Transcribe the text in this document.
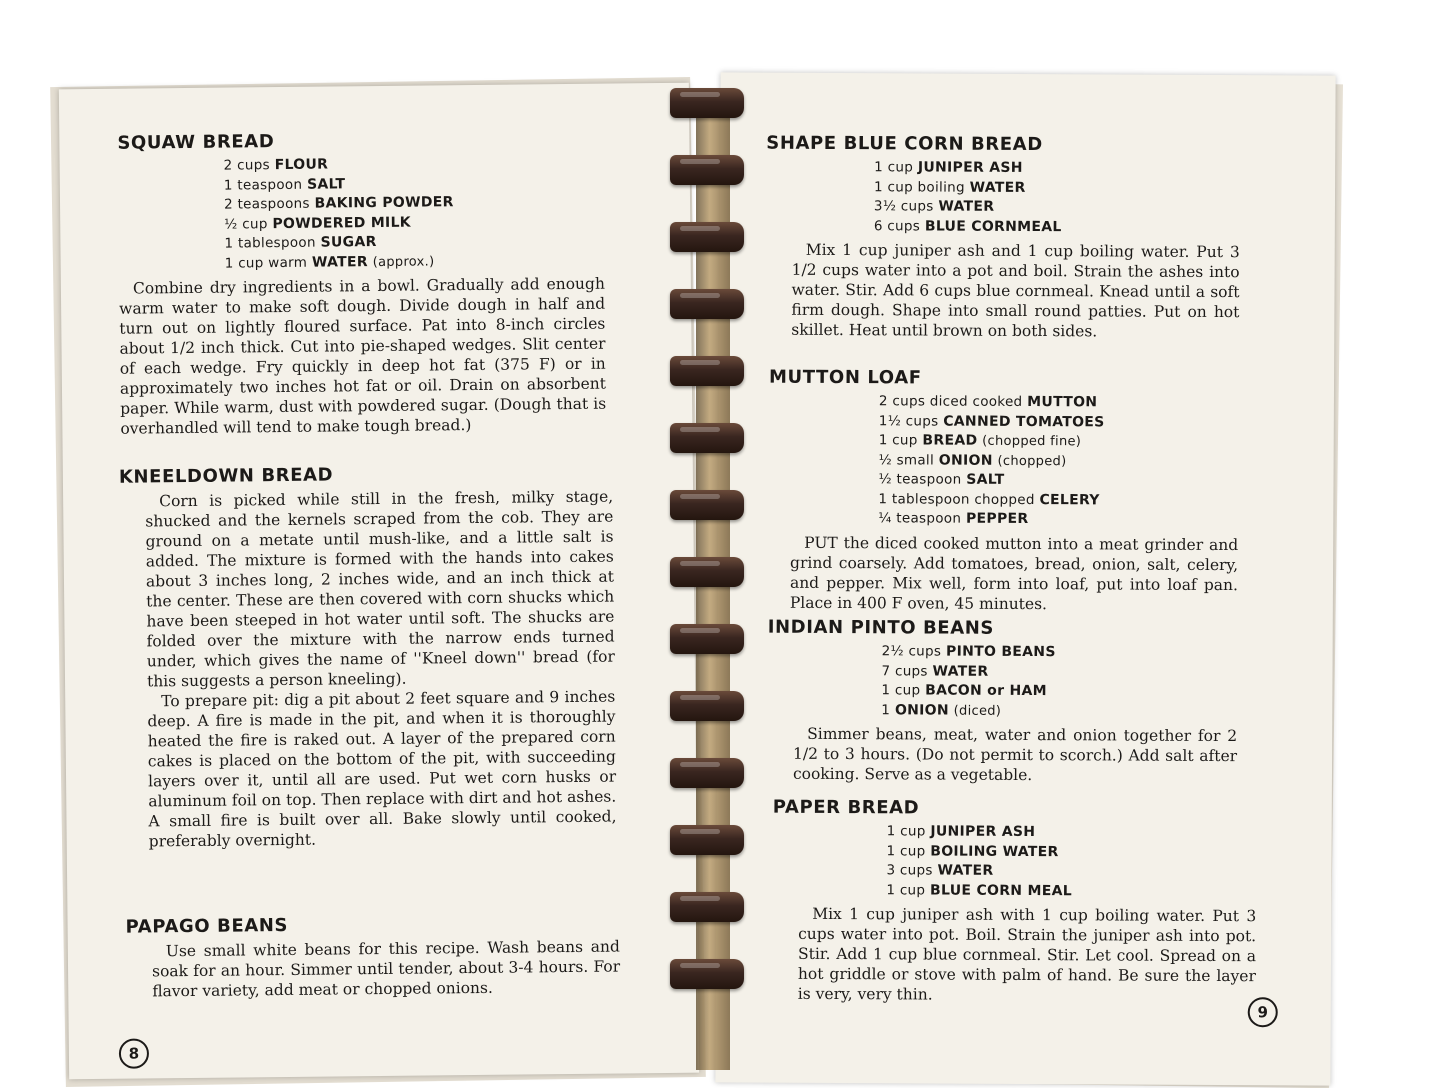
SQUAW BREAD
2 cups FLOUR
1 teaspoon SALT
2 teaspoons BAKING POWDER
½ cup POWDERED MILK
1 tablespoon SUGAR
1 cup warm WATER (approx.)

Combine dry ingredients in a bowl. Gradually add enough warm water to make soft dough. Divide dough in half and turn out on lightly floured surface. Pat into 8-inch circles about 1/2 inch thick. Cut into pie-shaped wedges. Slit center of each wedge. Fry quickly in deep hot fat (375 F) or in approximately two inches hot fat or oil. Drain on absorbent paper. While warm, dust with powdered sugar. (Dough that is overhandled will tend to make tough bread.)

KNEELDOWN BREAD

Corn is picked while still in the fresh, milky stage, shucked and the kernels scraped from the cob. They are ground on a metate until mush-like, and a little salt is added. The mixture is formed with the hands into cakes about 3 inches long, 2 inches wide, and an inch thick at the center. These are then covered with corn shucks which have been steeped in hot water until soft. The shucks are folded over the mixture with the narrow ends turned under, which gives the name of ''Kneel down'' bread (for this suggests a person kneeling).

To prepare pit: dig a pit about 2 feet square and 9 inches deep. A fire is made in the pit, and when it is thoroughly heated the fire is raked out. A layer of the prepared corn cakes is placed on the bottom of the pit, with succeeding layers over it, until all are used. Put wet corn husks or aluminum foil on top. Then replace with dirt and hot ashes. A small fire is built over all. Bake slowly until cooked, preferably overnight.

PAPAGO BEANS

Use small white beans for this recipe. Wash beans and soak for an hour. Simmer until tender, about 3-4 hours. For flavor variety, add meat or chopped onions.

8
SHAPE BLUE CORN BREAD
1 cup JUNIPER ASH
1 cup boiling WATER
3½ cups WATER
6 cups BLUE CORNMEAL

Mix 1 cup juniper ash and 1 cup boiling water. Put 3 1/2 cups water into a pot and boil. Strain the ashes into water. Stir. Add 6 cups blue cornmeal. Knead until a soft firm dough. Shape into small round patties. Put on hot skillet. Heat until brown on both sides.

MUTTON LOAF
2 cups diced cooked MUTTON
1½ cups CANNED TOMATOES
1 cup BREAD (chopped fine)
½ small ONION (chopped)
½ teaspoon SALT
1 tablespoon chopped CELERY
¼ teaspoon PEPPER

PUT the diced cooked mutton into a meat grinder and grind coarsely. Add tomatoes, bread, onion, salt, celery, and pepper. Mix well, form into loaf, put into loaf pan. Place in 400 F oven, 45 minutes.

INDIAN PINTO BEANS
2½ cups PINTO BEANS
7 cups WATER
1 cup BACON or HAM
1 ONION (diced)

Simmer beans, meat, water and onion together for 2 1/2 to 3 hours. (Do not permit to scorch.) Add salt after cooking. Serve as a vegetable.

PAPER BREAD
1 cup JUNIPER ASH
1 cup BOILING WATER
3 cups WATER
1 cup BLUE CORN MEAL

Mix 1 cup juniper ash with 1 cup boiling water. Put 3 cups water into pot. Boil. Strain the juniper ash into pot. Stir. Add 1 cup blue cornmeal. Stir. Let cool. Spread on a hot griddle or stove with palm of hand. Be sure the layer is very, very thin.

9
